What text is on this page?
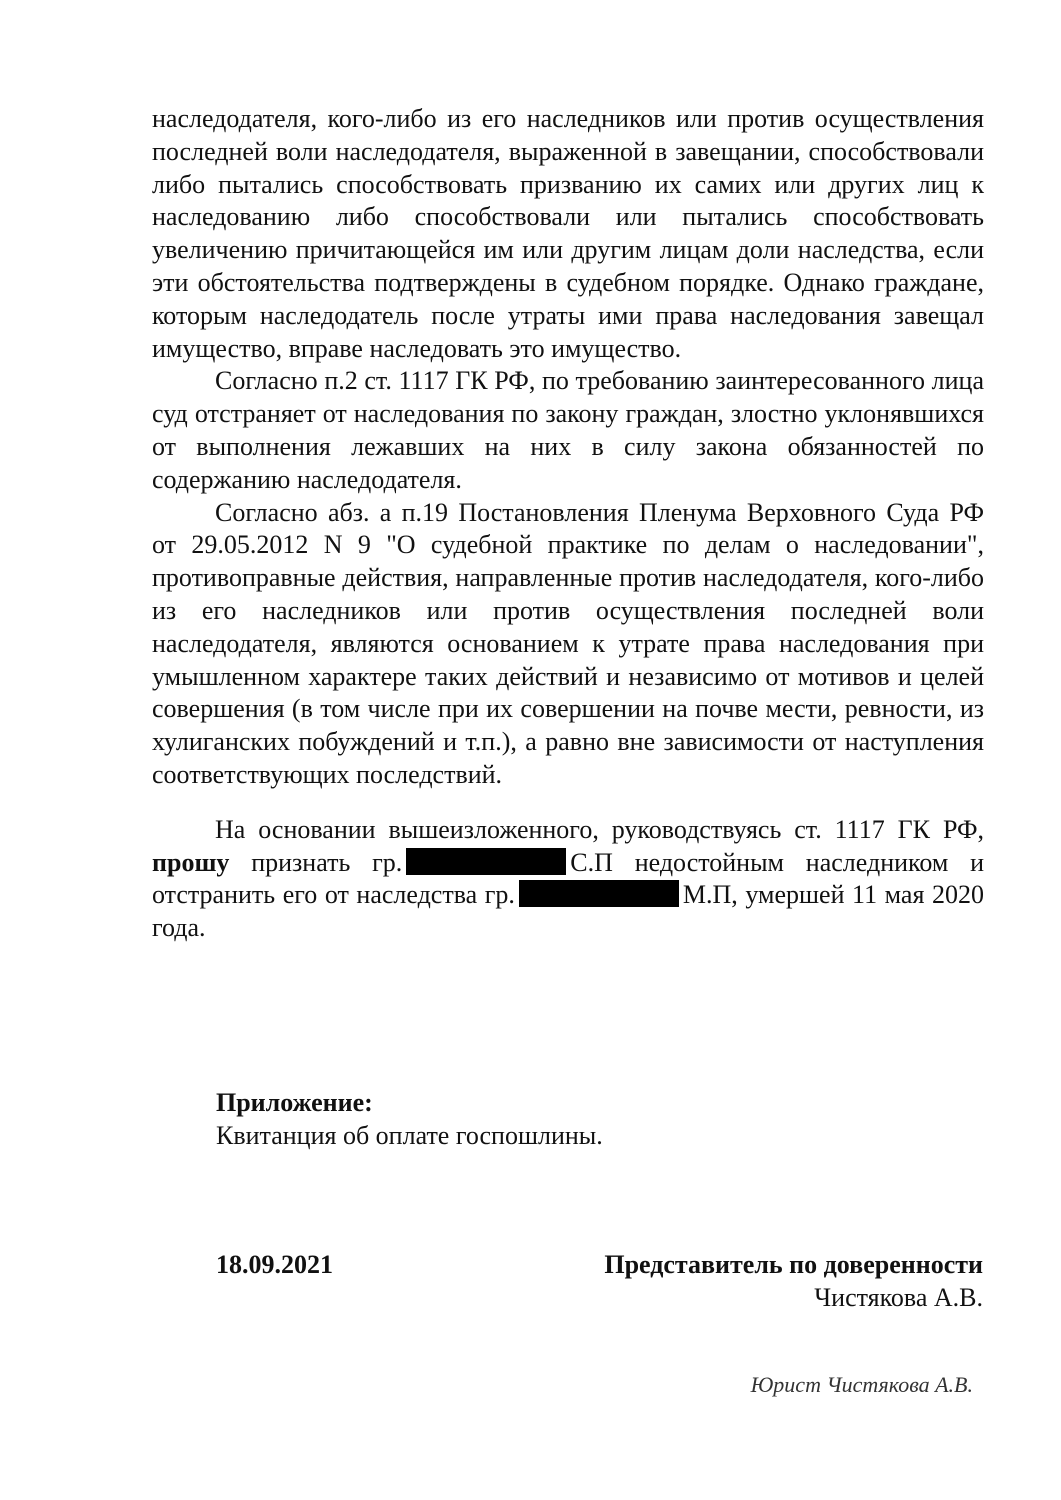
наследодателя, кого-либо из его наследников или против осуществления последней воли наследодателя, выраженной в завещании, способствовали либо пытались способствовать призванию их самих или других лиц к наследованию либо способствовали или пытались способствовать увеличению причитающейся им или другим лицам доли наследства, если эти обстоятельства подтверждены в судебном порядке. Однако граждане, которым наследодатель после утраты ими права наследования завещал имущество, вправе наследовать это имущество.

Согласно п.2 ст. 1117 ГК РФ, по требованию заинтересованного лица суд отстраняет от наследования по закону граждан, злостно уклонявшихся от выполнения лежавших на них в силу закона обязанностей по содержанию наследодателя.

Согласно абз. а п.19 Постановления Пленума Верховного Суда РФ от 29.05.2012 N 9 "О судебной практике по делам о наследовании", противоправные действия, направленные против наследодателя, кого-либо из его наследников или против осуществления последней воли наследодателя, являются основанием к утрате права наследования при умышленном характере таких действий и независимо от мотивов и целей совершения (в том числе при их совершении на почве мести, ревности, из хулиганских побуждений и т.п.), а равно вне зависимости от наступления соответствующих последствий.

На основании вышеизложенного, руководствуясь ст. 1117 ГК РФ, прошу признать гр.	С.П недостойным наследником и отстранить его от наследства гр.	М.П, умершей 11 мая 2020 года.

Приложение:
Квитанция об оплате госпошлины.
18.09.2021	Представитель по доверенности
Чистякова А.В.
Юрист Чистякова А.В.
